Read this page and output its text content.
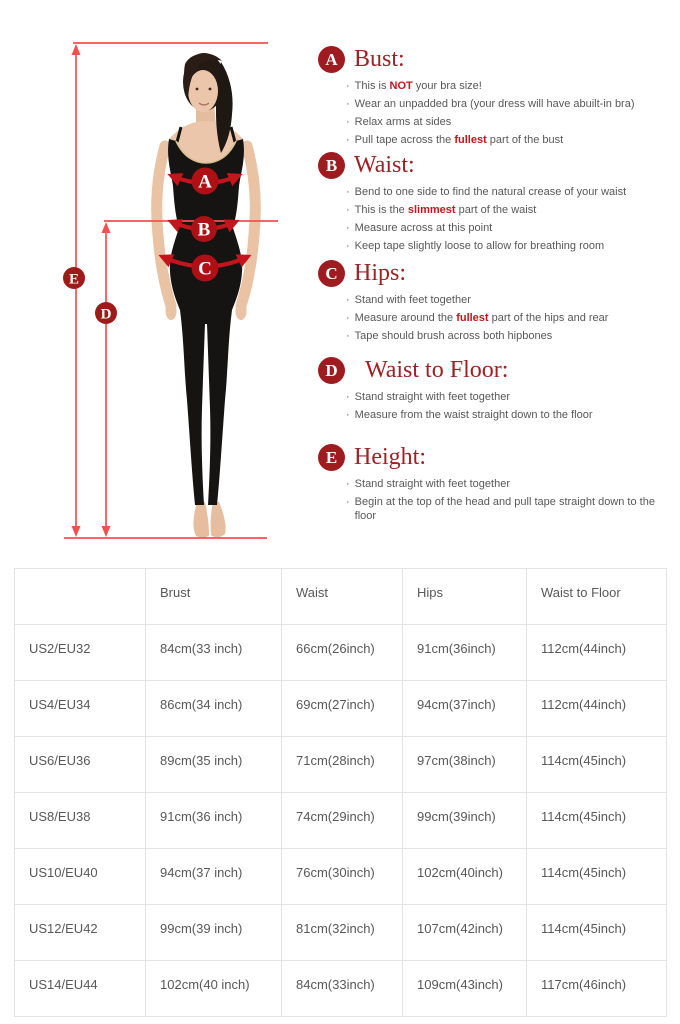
A
B
C
D
E
A Bust:
· This is NOT your bra size!
· Wear an unpadded bra (your dress will have abuilt-in bra)
· Relax arms at sides
· Pull tape across the fullest part of the bust
B Waist:
· Bend to one side to find the natural crease of your waist
· This is the slimmest part of the waist
· Measure across at this point
· Keep tape slightly loose to allow for breathing room
C Hips:
· Stand with feet together
· Measure around the fullest part of the hips and rear
· Tape should brush across both hipbones
D	Waist to Floor:
· Stand straight with feet together
· Measure from the waist straight down to the floor
E Height:
· Stand straight with feet together
· Begin at the top of the head and pull tape straight down to the floor
	Brust	Waist	Hips	Waist to Floor
US2/EU32	84cm(33 inch)	66cm(26inch)	91cm(36inch)	112cm(44inch)
US4/EU34	86cm(34 inch)	69cm(27inch)	94cm(37inch)	112cm(44inch)
US6/EU36	89cm(35 inch)	71cm(28inch)	97cm(38inch)	114cm(45inch)
US8/EU38	91cm(36 inch)	74cm(29inch)	99cm(39inch)	114cm(45inch)
US10/EU40	94cm(37 inch)	76cm(30inch)	102cm(40inch)	114cm(45inch)
US12/EU42	99cm(39 inch)	81cm(32inch)	107cm(42inch)	114cm(45inch)
US14/EU44	102cm(40 inch)	84cm(33inch)	109cm(43inch)	117cm(46inch)
